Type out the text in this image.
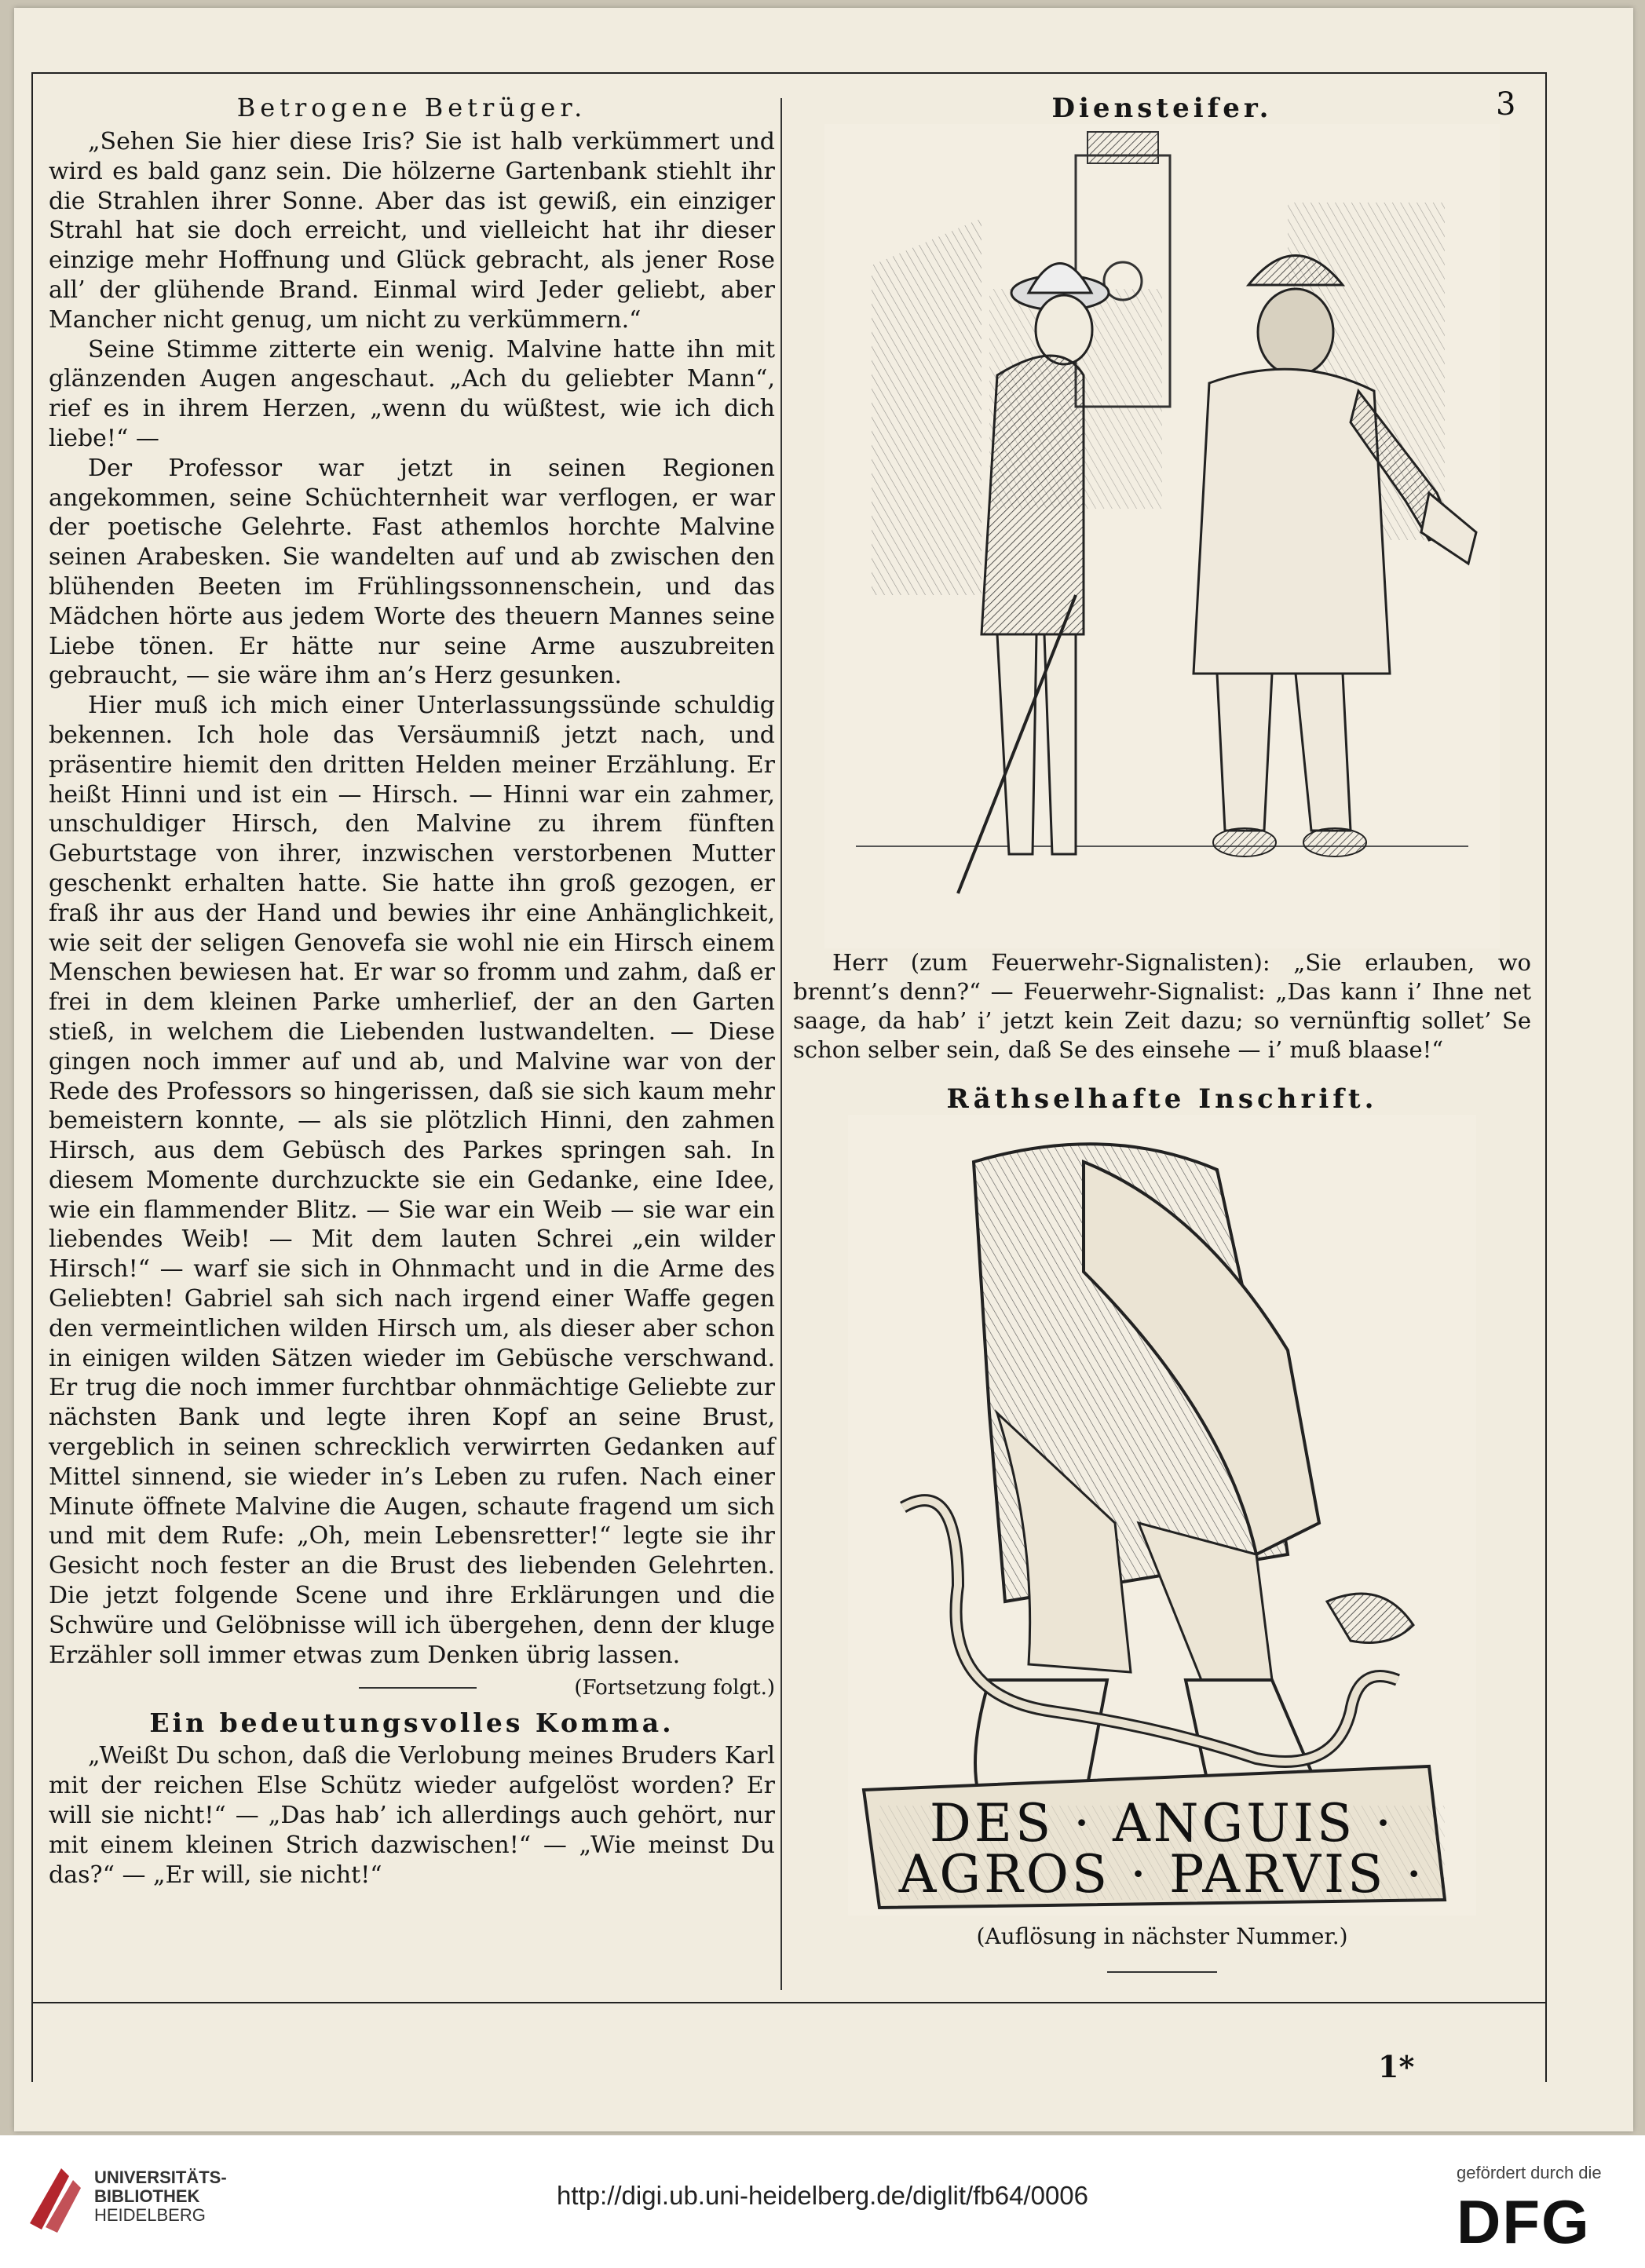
3
Betrogene Betrüger.

„Sehen Sie hier diese Iris? Sie ist halb verkümmert und wird es bald ganz sein. Die hölzerne Gartenbank stiehlt ihr die Strahlen ihrer Sonne. Aber das ist gewiß, ein einziger Strahl hat sie doch erreicht, und vielleicht hat ihr dieser einzige mehr Hoffnung und Glück gebracht, als jener Rose all’ der glühende Brand. Einmal wird Jeder geliebt, aber Mancher nicht genug, um nicht zu verkümmern.“

Seine Stimme zitterte ein wenig. Malvine hatte ihn mit glänzenden Augen angeschaut. „Ach du geliebter Mann“, rief es in ihrem Herzen, „wenn du wüßtest, wie ich dich liebe!“ —

Der Professor war jetzt in seinen Regionen angekommen, seine Schüchternheit war verflogen, er war der poetische Gelehrte. Fast athemlos horchte Malvine seinen Arabesken. Sie wandelten auf und ab zwischen den blühenden Beeten im Frühlingssonnenschein, und das Mädchen hörte aus jedem Worte des theuern Mannes seine Liebe tönen. Er hätte nur seine Arme auszubreiten gebraucht, — sie wäre ihm an’s Herz gesunken.

Hier muß ich mich einer Unterlassungssünde schuldig bekennen. Ich hole das Versäumniß jetzt nach, und präsentire hiemit den dritten Helden meiner Erzählung. Er heißt Hinni und ist ein — Hirsch. — Hinni war ein zahmer, unschuldiger Hirsch, den Malvine zu ihrem fünften Geburtstage von ihrer, inzwischen verstorbenen Mutter geschenkt erhalten hatte. Sie hatte ihn groß gezogen, er fraß ihr aus der Hand und bewies ihr eine Anhänglichkeit, wie seit der seligen Genovefa sie wohl nie ein Hirsch einem Menschen bewiesen hat. Er war so fromm und zahm, daß er frei in dem kleinen Parke umherlief, der an den Garten stieß, in welchem die Liebenden lustwandelten. — Diese gingen noch immer auf und ab, und Malvine war von der Rede des Professors so hingerissen, daß sie sich kaum mehr bemeistern konnte, — als sie plötzlich Hinni, den zahmen Hirsch, aus dem Gebüsch des Parkes springen sah. In diesem Momente durchzuckte sie ein Gedanke, eine Idee, wie ein flammender Blitz. — Sie war ein Weib — sie war ein liebendes Weib! — Mit dem lauten Schrei „ein wilder Hirsch!“ — warf sie sich in Ohnmacht und in die Arme des Geliebten! Gabriel sah sich nach irgend einer Waffe gegen den vermeintlichen wilden Hirsch um, als dieser aber schon in einigen wilden Sätzen wieder im Gebüsche verschwand. Er trug die noch immer furchtbar ohnmächtige Geliebte zur nächsten Bank und legte ihren Kopf an seine Brust, vergeblich in seinen schrecklich verwirrten Gedanken auf Mittel sinnend, sie wieder in’s Leben zu rufen. Nach einer Minute öffnete Malvine die Augen, schaute fragend um sich und mit dem Rufe: „Oh, mein Lebensretter!“ legte sie ihr Gesicht noch fester an die Brust des liebenden Gelehrten. Die jetzt folgende Scene und ihre Erklärungen und die Schwüre und Gelöbnisse will ich übergehen, denn der kluge Erzähler soll immer etwas zum Denken übrig lassen.

(Fortsetzung folgt.)
Ein bedeutungsvolles Komma.

„Weißt Du schon, daß die Verlobung meines Bruders Karl mit der reichen Else Schütz wieder aufgelöst worden? Er will sie nicht!“ — „Das hab’ ich allerdings auch gehört, nur mit einem kleinen Strich dazwischen!“ — „Wie meinst Du das?“ — „Er will, sie nicht!“

Diensteifer.

Herr (zum Feuerwehr-Signalisten): „Sie erlauben, wo brennt’s denn?“ — Feuerwehr-Signalist: „Das kann i’ Ihne net saage, da hab’ i’ jetzt kein Zeit dazu; so vernünftig sollet’ Se schon selber sein, daß Se des einsehe — i’ muß blaase!“

Räthselhafte Inschrift.
DES · ANGUIS ·
AGROS · PARVIS ·

(Auflösung in nächster Nummer.)

1*
UNIVERSITÄTS-
BIBLIOTHEK
HEIDELBERG
http://digi.ub.uni-heidelberg.de/diglit/fb64/0006
gefördert durch die
DFG
